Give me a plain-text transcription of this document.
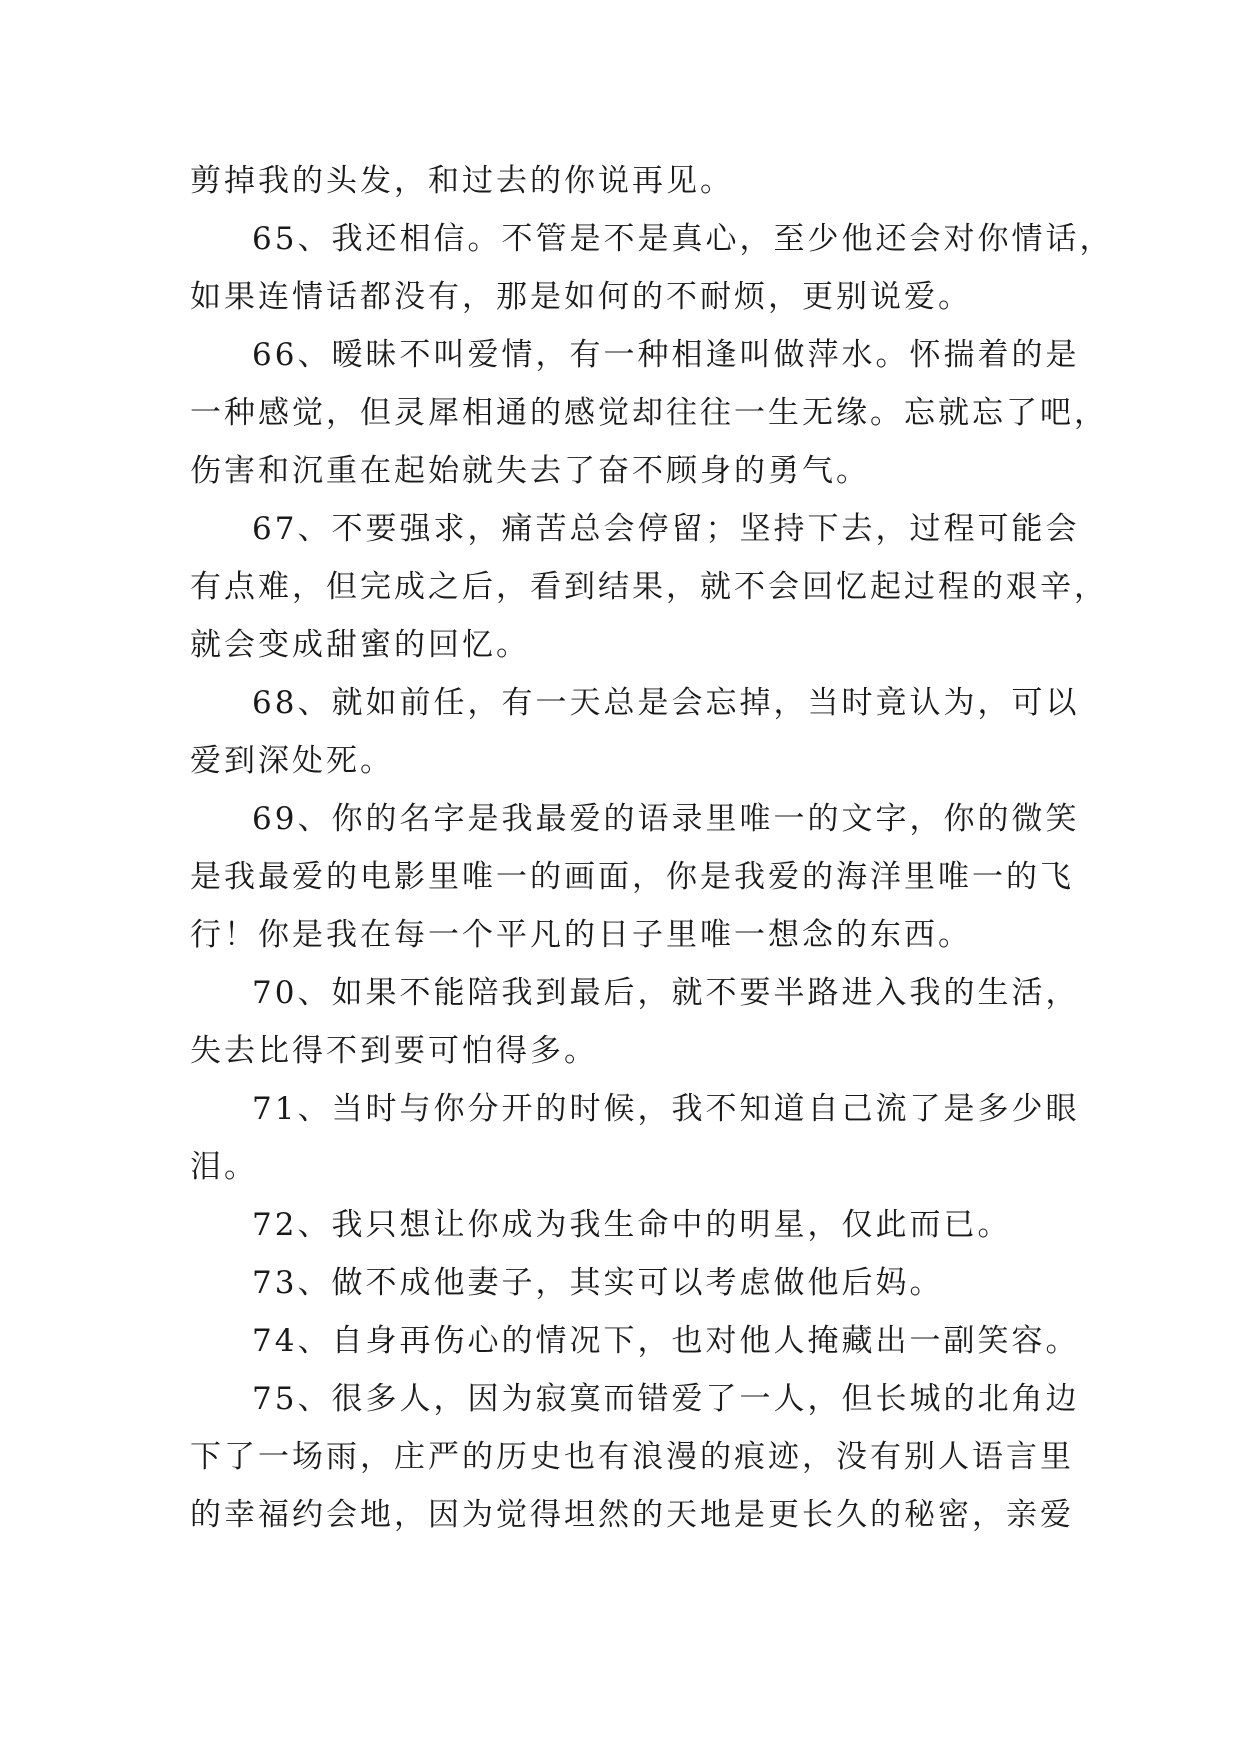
剪掉我的头发，和过去的你说再见。
65、我还相信。不管是不是真心，至少他还会对你情话，
如果连情话都没有，那是如何的不耐烦，更别说爱。
66、暧昧不叫爱情，有一种相逢叫做萍水。怀揣着的是
一种感觉，但灵犀相通的感觉却往往一生无缘。忘就忘了吧，
伤害和沉重在起始就失去了奋不顾身的勇气。
67、不要强求，痛苦总会停留；坚持下去，过程可能会
有点难，但完成之后，看到结果，就不会回忆起过程的艰辛，
就会变成甜蜜的回忆。
68、就如前任，有一天总是会忘掉，当时竟认为，可以
爱到深处死。
69、你的名字是我最爱的语录里唯一的文字，你的微笑
是我最爱的电影里唯一的画面，你是我爱的海洋里唯一的飞
行！你是我在每一个平凡的日子里唯一想念的东西。
70、如果不能陪我到最后，就不要半路进入我的生活，
失去比得不到要可怕得多。
71、当时与你分开的时候，我不知道自己流了是多少眼
泪。
72、我只想让你成为我生命中的明星，仅此而已。
73、做不成他妻子，其实可以考虑做他后妈。
74、自身再伤心的情况下，也对他人掩藏出一副笑容。
75、很多人，因为寂寞而错爱了一人，但长城的北角边
下了一场雨，庄严的历史也有浪漫的痕迹，没有别人语言里
的幸福约会地，因为觉得坦然的天地是更长久的秘密，亲爱
